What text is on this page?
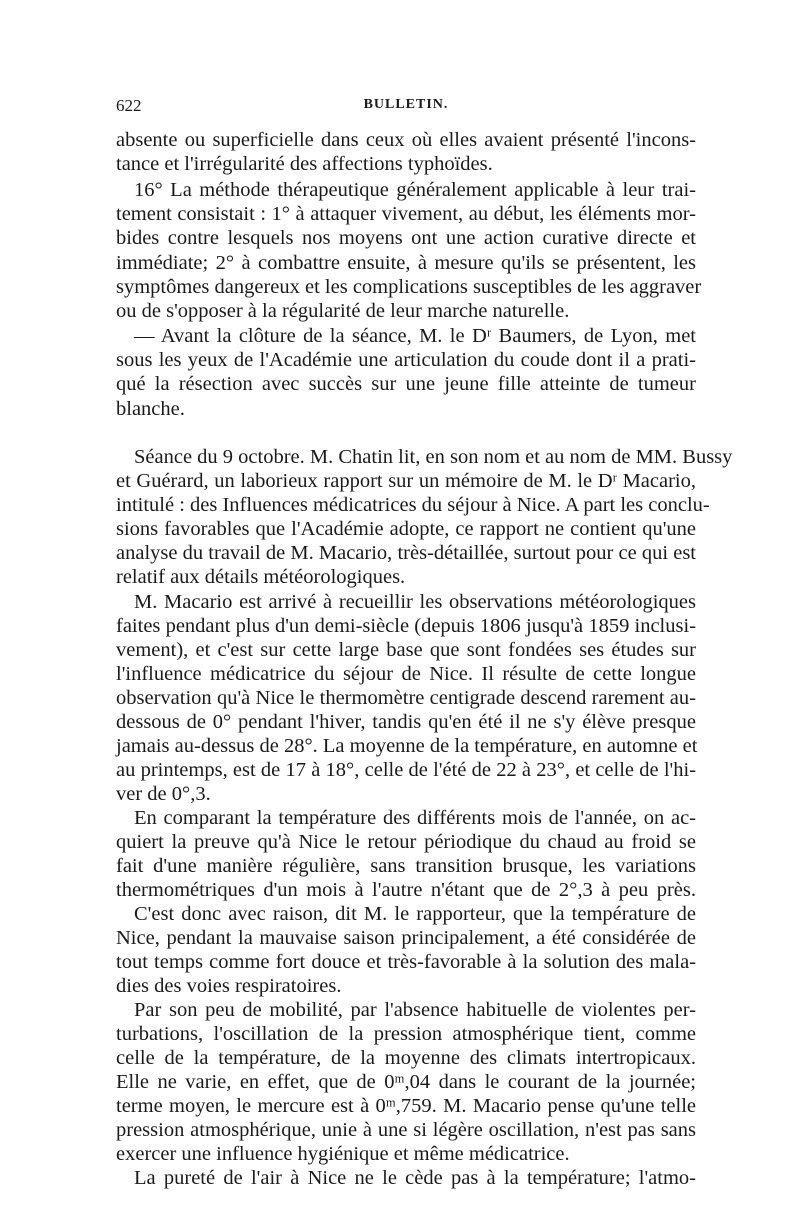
622	BULLETIN.
absente ou superficielle dans ceux où elles avaient présenté l'incons-
tance et l'irrégularité des affections typhoïdes.
16° La méthode thérapeutique généralement applicable à leur trai-
tement consistait : 1° à attaquer vivement, au début, les éléments mor-
bides contre lesquels nos moyens ont une action curative directe et
immédiate; 2° à combattre ensuite, à mesure qu'ils se présentent, les
symptômes dangereux et les complications susceptibles de les aggraver
ou de s'opposer à la régularité de leur marche naturelle.
— Avant la clôture de la séance, M. le Dʳ Baumers, de Lyon, met
sous les yeux de l'Académie une articulation du coude dont il a prati-
qué la résection avec succès sur une jeune fille atteinte de tumeur
blanche.
Séance du 9 octobre. M. Chatin lit, en son nom et au nom de MM. Bussy
et Guérard, un laborieux rapport sur un mémoire de M. le Dʳ Macario,
intitulé : des Influences médicatrices du séjour à Nice. A part les conclu-
sions favorables que l'Académie adopte, ce rapport ne contient qu'une
analyse du travail de M. Macario, très-détaillée, surtout pour ce qui est
relatif aux détails météorologiques.
M. Macario est arrivé à recueillir les observations météorologiques
faites pendant plus d'un demi-siècle (depuis 1806 jusqu'à 1859 inclusi-
vement), et c'est sur cette large base que sont fondées ses études sur
l'influence médicatrice du séjour de Nice. Il résulte de cette longue
observation qu'à Nice le thermomètre centigrade descend rarement au-
dessous de 0° pendant l'hiver, tandis qu'en été il ne s'y élève presque
jamais au-dessus de 28°. La moyenne de la température, en automne et
au printemps, est de 17 à 18°, celle de l'été de 22 à 23°, et celle de l'hi-
ver de 0°,3.
En comparant la température des différents mois de l'année, on ac-
quiert la preuve qu'à Nice le retour périodique du chaud au froid se
fait d'une manière régulière, sans transition brusque, les variations
thermométriques d'un mois à l'autre n'étant que de 2°,3 à peu près.
C'est donc avec raison, dit M. le rapporteur, que la température de
Nice, pendant la mauvaise saison principalement, a été considérée de
tout temps comme fort douce et très-favorable à la solution des mala-
dies des voies respiratoires.
Par son peu de mobilité, par l'absence habituelle de violentes per-
turbations, l'oscillation de la pression atmosphérique tient, comme
celle de la température, de la moyenne des climats intertropicaux.
Elle ne varie, en effet, que de 0ᵐ,04 dans le courant de la journée;
terme moyen, le mercure est à 0ᵐ,759. M. Macario pense qu'une telle
pression atmosphérique, unie à une si légère oscillation, n'est pas sans
exercer une influence hygiénique et même médicatrice.
La pureté de l'air à Nice ne le cède pas à la température; l'atmo-
